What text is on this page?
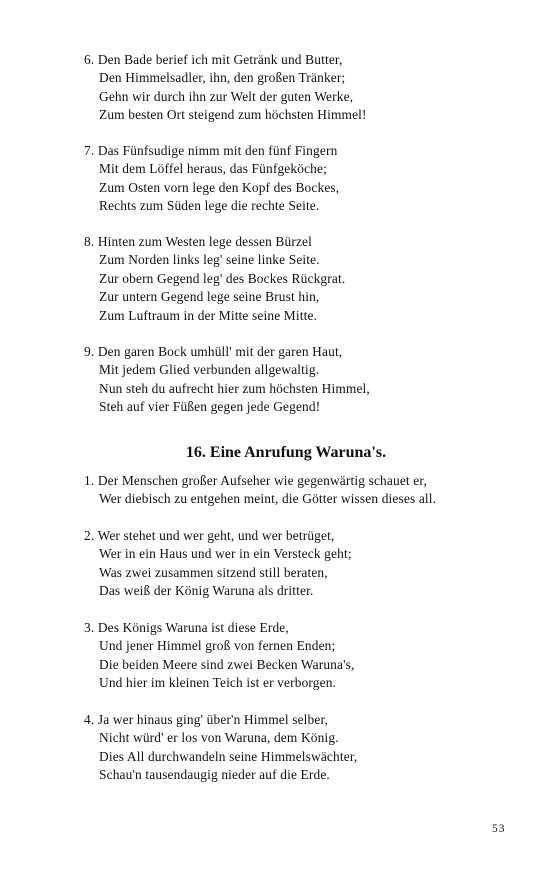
6. Den Bade berief ich mit Getränk und Butter,
Den Himmelsadler, ihn, den großen Tränker;
Gehn wir durch ihn zur Welt der guten Werke,
Zum besten Ort steigend zum höchsten Himmel!
7. Das Fünfsudige nimm mit den fünf Fingern
Mit dem Löffel heraus, das Fünfgeköche;
Zum Osten vorn lege den Kopf des Bockes,
Rechts zum Süden lege die rechte Seite.
8. Hinten zum Westen lege dessen Bürzel
Zum Norden links leg' seine linke Seite.
Zur obern Gegend leg' des Bockes Rückgrat.
Zur untern Gegend lege seine Brust hin,
Zum Luftraum in der Mitte seine Mitte.
9. Den garen Bock umhüll' mit der garen Haut,
Mit jedem Glied verbunden allgewaltig.
Nun steh du aufrecht hier zum höchsten Himmel,
Steh auf vier Füßen gegen jede Gegend!
16. Eine Anrufung Waruna's.
1. Der Menschen großer Aufseher wie gegenwärtig schauet er,
Wer diebisch zu entgehen meint, die Götter wissen dieses all.
2. Wer stehet und wer geht, und wer betrüget,
Wer in ein Haus und wer in ein Versteck geht;
Was zwei zusammen sitzend still beraten,
Das weiß der König Waruna als dritter.
3. Des Königs Waruna ist diese Erde,
Und jener Himmel groß von fernen Enden;
Die beiden Meere sind zwei Becken Waruna's,
Und hier im kleinen Teich ist er verborgen.
4. Ja wer hinaus ging' über'n Himmel selber,
Nicht würd' er los von Waruna, dem König.
Dies All durchwandeln seine Himmelswächter,
Schau'n tausendaugig nieder auf die Erde.
53
